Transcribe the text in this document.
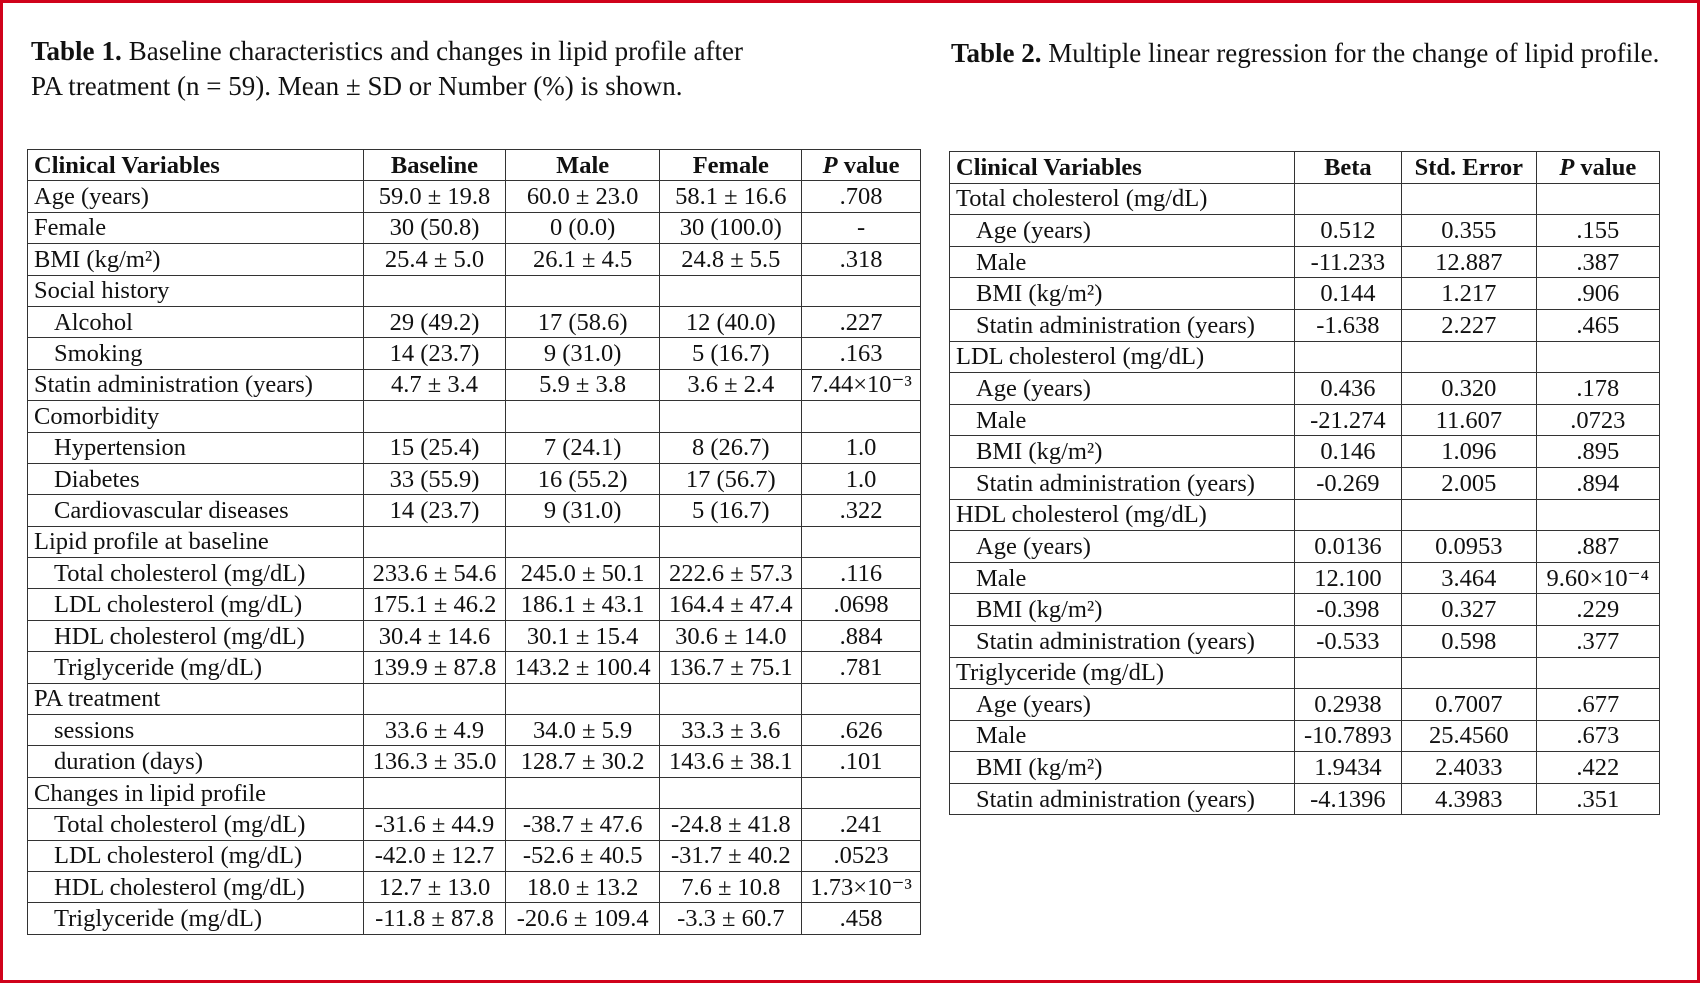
Table 1. Baseline characteristics and changes in lipid profile after PA treatment (n = 59). Mean ± SD or Number (%) is shown.
Clinical Variables	Baseline	Male	Female	P value
Age (years)	59.0 ± 19.8	60.0 ± 23.0	58.1 ± 16.6	.708
Female	30 (50.8)	0 (0.0)	30 (100.0)	-
BMI (kg/m²)	25.4 ± 5.0	26.1 ± 4.5	24.8 ± 5.5	.318
Social history				
Alcohol	29 (49.2)	17 (58.6)	12 (40.0)	.227
Smoking	14 (23.7)	9 (31.0)	5 (16.7)	.163
Statin administration (years)	4.7 ± 3.4	5.9 ± 3.8	3.6 ± 2.4	7.44×10⁻³
Comorbidity				
Hypertension	15 (25.4)	7 (24.1)	8 (26.7)	1.0
Diabetes	33 (55.9)	16 (55.2)	17 (56.7)	1.0
Cardiovascular diseases	14 (23.7)	9 (31.0)	5 (16.7)	.322
Lipid profile at baseline				
Total cholesterol (mg/dL)	233.6 ± 54.6	245.0 ± 50.1	222.6 ± 57.3	.116
LDL cholesterol (mg/dL)	175.1 ± 46.2	186.1 ± 43.1	164.4 ± 47.4	.0698
HDL cholesterol (mg/dL)	30.4 ± 14.6	30.1 ± 15.4	30.6 ± 14.0	.884
Triglyceride (mg/dL)	139.9 ± 87.8	143.2 ± 100.4	136.7 ± 75.1	.781
PA treatment				
sessions	33.6 ± 4.9	34.0 ± 5.9	33.3 ± 3.6	.626
duration (days)	136.3 ± 35.0	128.7 ± 30.2	143.6 ± 38.1	.101
Changes in lipid profile				
Total cholesterol (mg/dL)	-31.6 ± 44.9	-38.7 ± 47.6	-24.8 ± 41.8	.241
LDL cholesterol (mg/dL)	-42.0 ± 12.7	-52.6 ± 40.5	-31.7 ± 40.2	.0523
HDL cholesterol (mg/dL)	12.7 ± 13.0	18.0 ± 13.2	7.6 ± 10.8	1.73×10⁻³
Triglyceride (mg/dL)	-11.8 ± 87.8	-20.6 ± 109.4	-3.3 ± 60.7	.458
Table 2. Multiple linear regression for the change of lipid profile.
Clinical Variables	Beta	Std. Error	P value
Total cholesterol (mg/dL)			
Age (years)	0.512	0.355	.155
Male	-11.233	12.887	.387
BMI (kg/m²)	0.144	1.217	.906
Statin administration (years)	-1.638	2.227	.465
LDL cholesterol (mg/dL)			
Age (years)	0.436	0.320	.178
Male	-21.274	11.607	.0723
BMI (kg/m²)	0.146	1.096	.895
Statin administration (years)	-0.269	2.005	.894
HDL cholesterol (mg/dL)			
Age (years)	0.0136	0.0953	.887
Male	12.100	3.464	9.60×10⁻⁴
BMI (kg/m²)	-0.398	0.327	.229
Statin administration (years)	-0.533	0.598	.377
Triglyceride (mg/dL)			
Age (years)	0.2938	0.7007	.677
Male	-10.7893	25.4560	.673
BMI (kg/m²)	1.9434	2.4033	.422
Statin administration (years)	-4.1396	4.3983	.351
